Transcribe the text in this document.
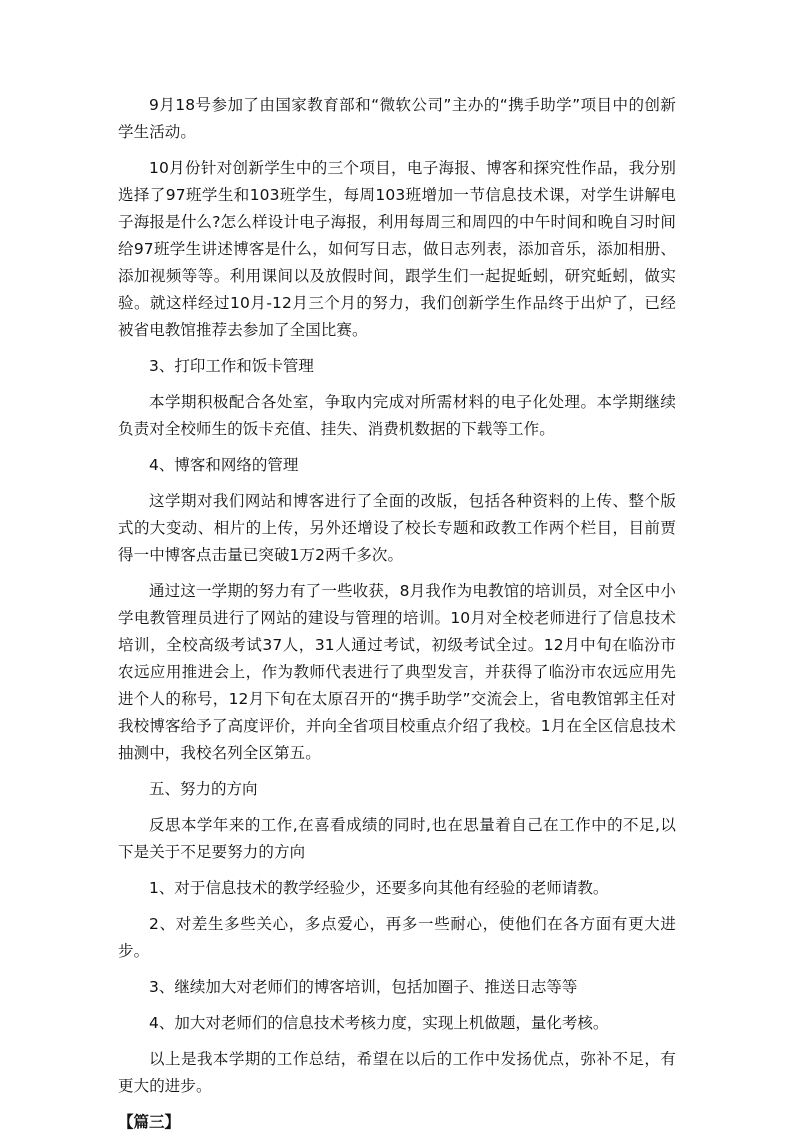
9月18号参加了由国家教育部和“微软公司”主办的“携手助学”项目中的创新学生活动。

10月份针对创新学生中的三个项目，电子海报、博客和探究性作品，我分别选择了97班学生和103班学生，每周103班增加一节信息技术课，对学生讲解电子海报是什么?怎么样设计电子海报，利用每周三和周四的中午时间和晚自习时间给97班学生讲述博客是什么，如何写日志，做日志列表，添加音乐，添加相册、添加视频等等。利用课间以及放假时间，跟学生们一起捉蚯蚓，研究蚯蚓，做实验。就这样经过10月-12月三个月的努力，我们创新学生作品终于出炉了，已经被省电教馆推荐去参加了全国比赛。

3、打印工作和饭卡管理

本学期积极配合各处室，争取内完成对所需材料的电子化处理。本学期继续负责对全校师生的饭卡充值、挂失、消费机数据的下载等工作。

4、博客和网络的管理

这学期对我们网站和博客进行了全面的改版，包括各种资料的上传、整个版式的大变动、相片的上传，另外还增设了校长专题和政教工作两个栏目，目前贾得一中博客点击量已突破1万2两千多次。

通过这一学期的努力有了一些收获，8月我作为电教馆的培训员，对全区中小学电教管理员进行了网站的建设与管理的培训。10月对全校老师进行了信息技术培训，全校高级考试37人，31人通过考试，初级考试全过。12月中旬在临汾市农远应用推进会上，作为教师代表进行了典型发言，并获得了临汾市农远应用先进个人的称号，12月下旬在太原召开的“携手助学”交流会上，省电教馆郭主任对我校博客给予了高度评价，并向全省项目校重点介绍了我校。1月在全区信息技术抽测中，我校名列全区第五。

五、努力的方向

反思本学年来的工作,在喜看成绩的同时,也在思量着自己在工作中的不足,以下是关于不足要努力的方向

1、对于信息技术的教学经验少，还要多向其他有经验的老师请教。

2、对差生多些关心，多点爱心，再多一些耐心，使他们在各方面有更大进步。

3、继续加大对老师们的博客培训，包括加圈子、推送日志等等

4、加大对老师们的信息技术考核力度，实现上机做题，量化考核。

以上是我本学期的工作总结，希望在以后的工作中发扬优点，弥补不足，有更大的进步。

【篇三】
